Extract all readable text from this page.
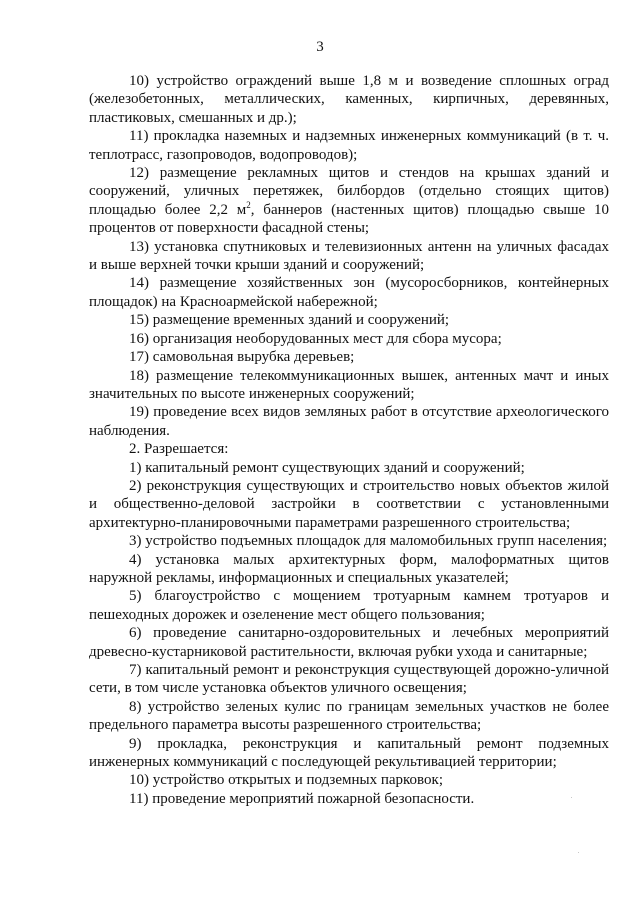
3

10) устройство ограждений выше 1,8 м и возведение сплошных оград (железобетонных, металлических, каменных, кирпичных, деревянных, пластиковых, смешанных и др.);

11) прокладка наземных и надземных инженерных коммуникаций (в т. ч. теплотрасс, газопроводов, водопроводов);

12) размещение рекламных щитов и стендов на крышах зданий и сооружений, уличных перетяжек, билбордов (отдельно стоящих щитов) площадью более 2,2 $м^2$, баннеров (настенных щитов) площадью свыше 10 процентов от поверхности фасадной стены;

13) установка спутниковых и телевизионных антенн на уличных фасадах и выше верхней точки крыши зданий и сооружений;

14) размещение хозяйственных зон (мусоросборников, контейнерных площадок) на Красноармейской набережной;

15) размещение временных зданий и сооружений;

16) организация необорудованных мест для сбора мусора;

17) самовольная вырубка деревьев;

18) размещение телекоммуникационных вышек, антенных мачт и иных значительных по высоте инженерных сооружений;

19) проведение всех видов земляных работ в отсутствие археологического наблюдения.

2. Разрешается:

1) капитальный ремонт существующих зданий и сооружений;

2) реконструкция существующих и строительство новых объектов жилой и общественно-деловой застройки в соответствии с установленными архитектурно-планировочными параметрами разрешенного строительства;

3) устройство подъемных площадок для маломобильных групп населения;

4) установка малых архитектурных форм, малоформатных щитов наружной рекламы, информационных и специальных указателей;

5) благоустройство с мощением тротуарным камнем тротуаров и пешеходных дорожек и озеленение мест общего пользования;

6) проведение санитарно-оздоровительных и лечебных мероприятий древесно-кустарниковой растительности, включая рубки ухода и санитарные;

7) капитальный ремонт и реконструкция существующей дорожно-уличной сети, в том числе установка объектов уличного освещения;

8) устройство зеленых кулис по границам земельных участков не более предельного параметра высоты разрешенного строительства;

9) прокладка, реконструкция и капитальный ремонт подземных инженерных коммуникаций с последующей рекультивацией территории;

10) устройство открытых и подземных парковок;

11) проведение мероприятий пожарной безопасности.
